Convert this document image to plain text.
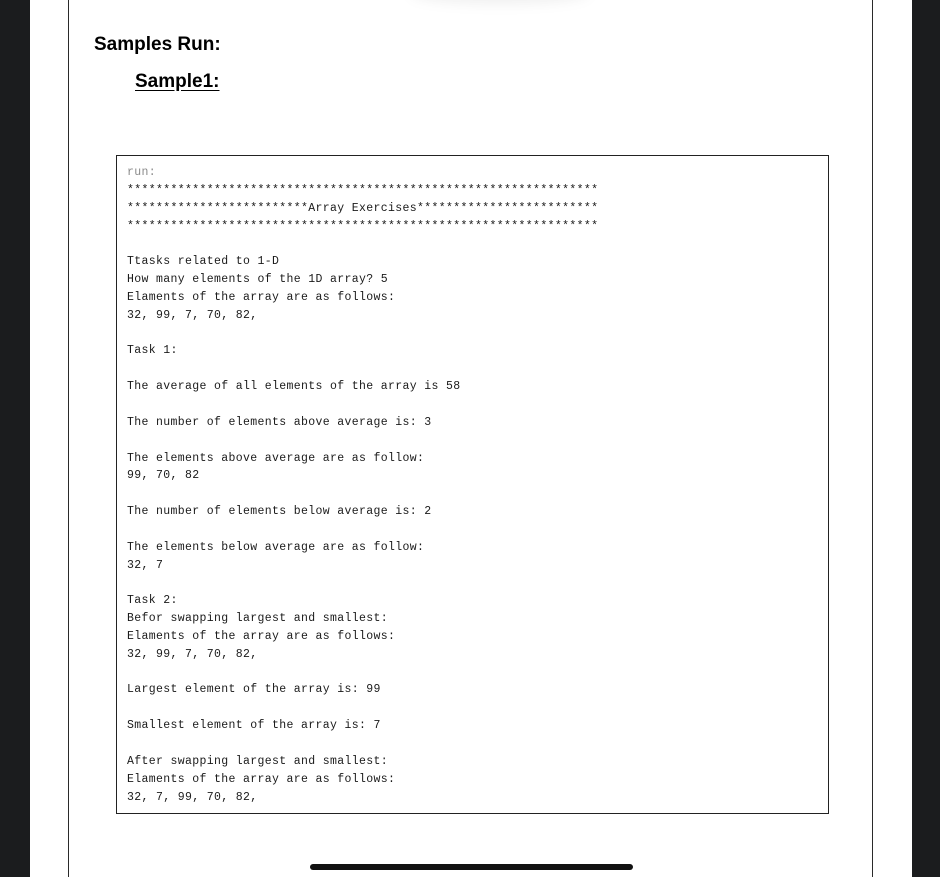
Samples Run:
Sample1:
run:
*****************************************************************
*************************Array Exercises*************************
*****************************************************************
Ttasks related to 1-D
How many elements of the 1D array? 5
Elaments of the array are as follows:
32, 99, 7, 70, 82,
Task 1:
The average of all elements of the array is 58
The number of elements above average is: 3
The elements above average are as follow:
99, 70, 82
The number of elements below average is: 2
The elements below average are as follow:
32, 7
Task 2:
Befor swapping largest and smallest:
Elaments of the array are as follows:
32, 99, 7, 70, 82,
Largest element of the array is: 99
Smallest element of the array is: 7
After swapping largest and smallest:
Elaments of the array are as follows:
32, 7, 99, 70, 82,
